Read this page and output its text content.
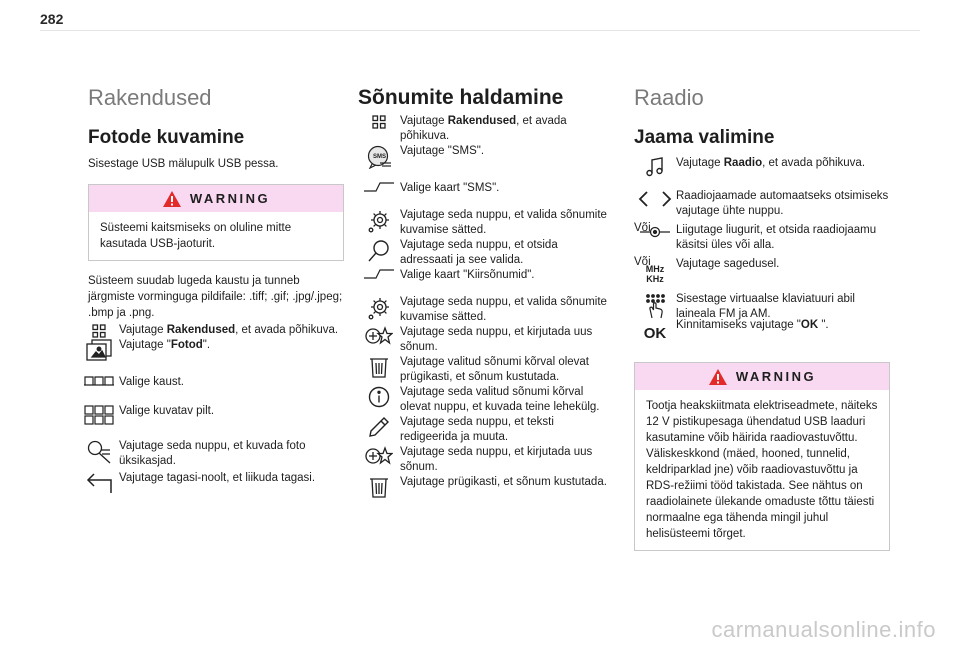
282
Rakendused
Fotode kuvamine

Sisestage USB mälupulk USB pessa.

WARNING
Süsteemi kaitsmiseks on oluline mitte kasutada USB-jaoturit.

Süsteem suudab lugeda kaustu ja tunneb järgmiste vorminguga pildifaile: .tiff; .gif; .jpg/.jpeg; .bmp ja .png.

Vajutage Rakendused, et avada põhikuva.
Vajutage "Fotod".
Valige kaust.
Valige kuvatav pilt.
Vajutage seda nuppu, et kuvada foto üksikasjad.
Vajutage tagasi-noolt, et liikuda tagasi.
Sõnumite haldamine
Vajutage Rakendused, et avada põhikuva.
SMS Vajutage "SMS".
Valige kaart "SMS".
Vajutage seda nuppu, et valida sõnumite kuvamise sätted.
Vajutage seda nuppu, et otsida adressaati ja see valida.
Valige kaart "Kiirsõnumid".
Vajutage seda nuppu, et valida sõnumite kuvamise sätted.
Vajutage seda nuppu, et kirjutada uus sõnum.
Vajutage valitud sõnumi kõrval olevat prügikasti, et sõnum kustutada.
Vajutage seda valitud sõnumi kõrval olevat nuppu, et kuvada teine lehekülg.
Vajutage seda nuppu, et teksti redigeerida ja muuta.
Vajutage seda nuppu, et kirjutada uus sõnum.
Vajutage prügikasti, et sõnum kustutada.
Raadio
Jaama valimine
Vajutage Raadio, et avada põhikuva.
Raadiojaamade automaatseks otsimiseks vajutage ühte nuppu.
Või	Liigutage liugurit, et otsida raadiojaamu käsitsi üles või alla.
Või
MHz
KHz
Vajutage sagedusel.
Sisestage virtuaalse klaviatuuri abil laineala FM ja AM.
OK Kinnitamiseks vajutage "OK ".
WARNING
Tootja heakskiitmata elektriseadmete, näiteks 12 V pistikupesaga ühendatud USB laaduri kasutamine võib häirida raadiovastuvõttu. Väliskeskkond (mäed, hooned, tunnelid, keldriparklad jne) võib raadiovastuvõttu ja RDS-režiimi tööd takistada. See nähtus on raadiolainete ülekande omaduste tõttu täiesti normaalne ega tähenda mingil juhul helisüsteemi tõrget.
carmanualsonline.info
